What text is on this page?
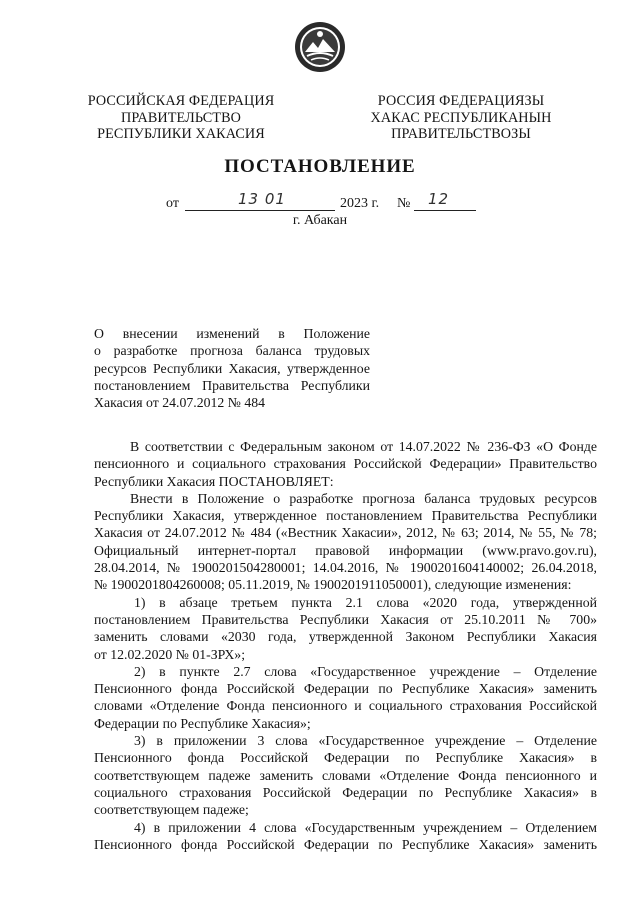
РОССИЙСКАЯ ФЕДЕРАЦИЯ
ПРАВИТЕЛЬСТВО
РЕСПУБЛИКИ ХАКАСИЯ
РОССИЯ ФЕДЕРАЦИЯЗЫ
ХАКАС РЕСПУБЛИКАНЫН
ПРАВИТЕЛЬСТВОЗЫ
ПОСТАНОВЛЕНИЕ
от	13 01	2023 г. № 12
г. Абакан
О внесении изменений в Положение
о разработке прогноза баланса трудовых
ресурсов Республики Хакасия, утвержденное
постановлением Правительства Республики
Хакасия от 24.07.2012 № 484
В соответствии с Федеральным законом от 14.07.2022 № 236-ФЗ «О Фонде
пенсионного и социального страхования Российской Федерации» Правительство
Республики Хакасия ПОСТАНОВЛЯЕТ:
Внести в Положение о разработке прогноза баланса трудовых ресурсов
Республики Хакасия, утвержденное постановлением Правительства Республики
Хакасия от 24.07.2012 № 484 («Вестник Хакасии», 2012, № 63; 2014, № 55, № 78;
Официальный интернет-портал правовой информации (www.pravo.gov.ru),
28.04.2014, № 1900201504280001; 14.04.2016, № 1900201604140002; 26.04.2018,
№ 1900201804260008; 05.11.2019, № 1900201911050001), следующие изменения:
1) в абзаце третьем пункта 2.1 слова «2020 года, утвержденной
постановлением Правительства Республики Хакасия от 25.10.2011 № 700»
заменить словами «2030 года, утвержденной Законом Республики Хакасия
от 12.02.2020 № 01-ЗРХ»;
2) в пункте 2.7 слова «Государственное учреждение – Отделение
Пенсионного фонда Российской Федерации по Республике Хакасия» заменить
словами «Отделение Фонда пенсионного и социального страхования Российской
Федерации по Республике Хакасия»;
3) в приложении 3 слова «Государственное учреждение – Отделение
Пенсионного фонда Российской Федерации по Республике Хакасия» в
соответствующем падеже заменить словами «Отделение Фонда пенсионного и
социального страхования Российской Федерации по Республике Хакасия» в
соответствующем падеже;
4) в приложении 4 слова «Государственным учреждением – Отделением
Пенсионного фонда Российской Федерации по Республике Хакасия» заменить
